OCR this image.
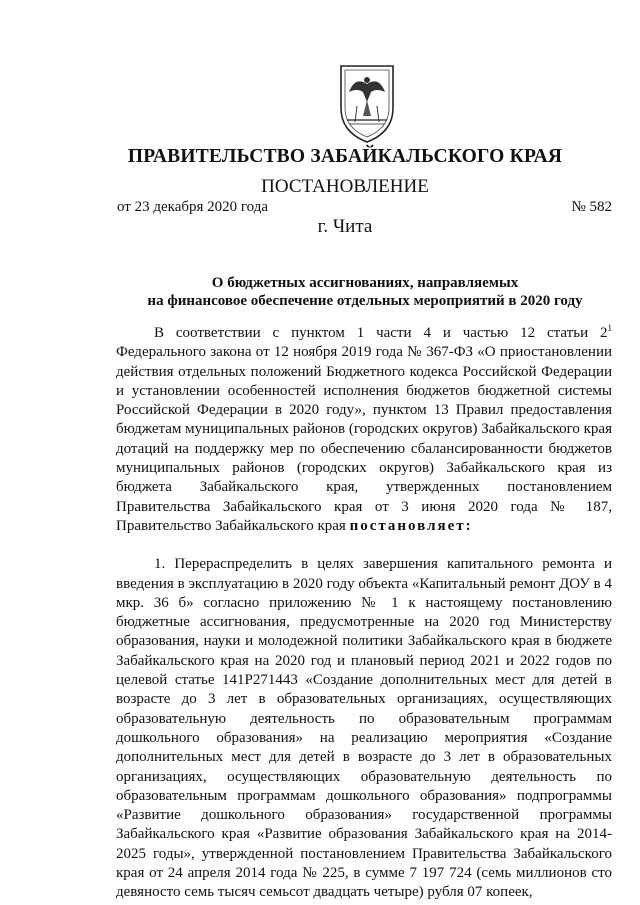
ПРАВИТЕЛЬСТВО ЗАБАЙКАЛЬСКОГО КРАЯ
ПОСТАНОВЛЕНИЕ
от 23 декабря 2020 года	№ 582
г. Чита
О бюджетных ассигнованиях, направляемых
на финансовое обеспечение отдельных мероприятий в 2020 году

В соответствии с пунктом 1 части 4 и частью 12 статьи $2^1$ Федерального закона от 12 ноября 2019 года № 367-ФЗ «О приостановлении действия отдельных положений Бюджетного кодекса Российской Федерации и установлении особенностей исполнения бюджетов бюджетной системы Российской Федерации в 2020 году», пунктом 13 Правил предоставления бюджетам муниципальных районов (городских округов) Забайкальского края дотаций на поддержку мер по обеспечению сбалансированности бюджетов муниципальных районов (городских округов) Забайкальского края из бюджета Забайкальского края, утвержденных постановлением Правительства Забайкальского края от 3 июня 2020 года № 187, Правительство Забайкальского края постановляет:

1. Перераспределить в целях завершения капитального ремонта и введения в эксплуатацию в 2020 году объекта «Капитальный ремонт ДОУ в 4 мкр. 36 б» согласно приложению № 1 к настоящему постановлению бюджетные ассигнования, предусмотренные на 2020 год Министерству образования, науки и молодежной политики Забайкальского края в бюджете Забайкальского края на 2020 год и плановый период 2021 и 2022 годов по целевой статье 141Р271443 «Создание дополнительных мест для детей в возрасте до 3 лет в образовательных организациях, осуществляющих образовательную деятельность по образовательным программам дошкольного образования» на реализацию мероприятия «Создание дополнительных мест для детей в возрасте до 3 лет в образовательных организациях, осуществляющих образовательную деятельность по образовательным программам дошкольного образования» подпрограммы «Развитие дошкольного образования» государственной программы Забайкальского края «Развитие образования Забайкальского края на 2014-2025 годы», утвержденной постановлением Правительства Забайкальского края от 24 апреля 2014 года № 225, в сумме 7 197 724 (семь миллионов сто девяносто семь тысяч семьсот двадцать четыре) рубля 07 копеек,
